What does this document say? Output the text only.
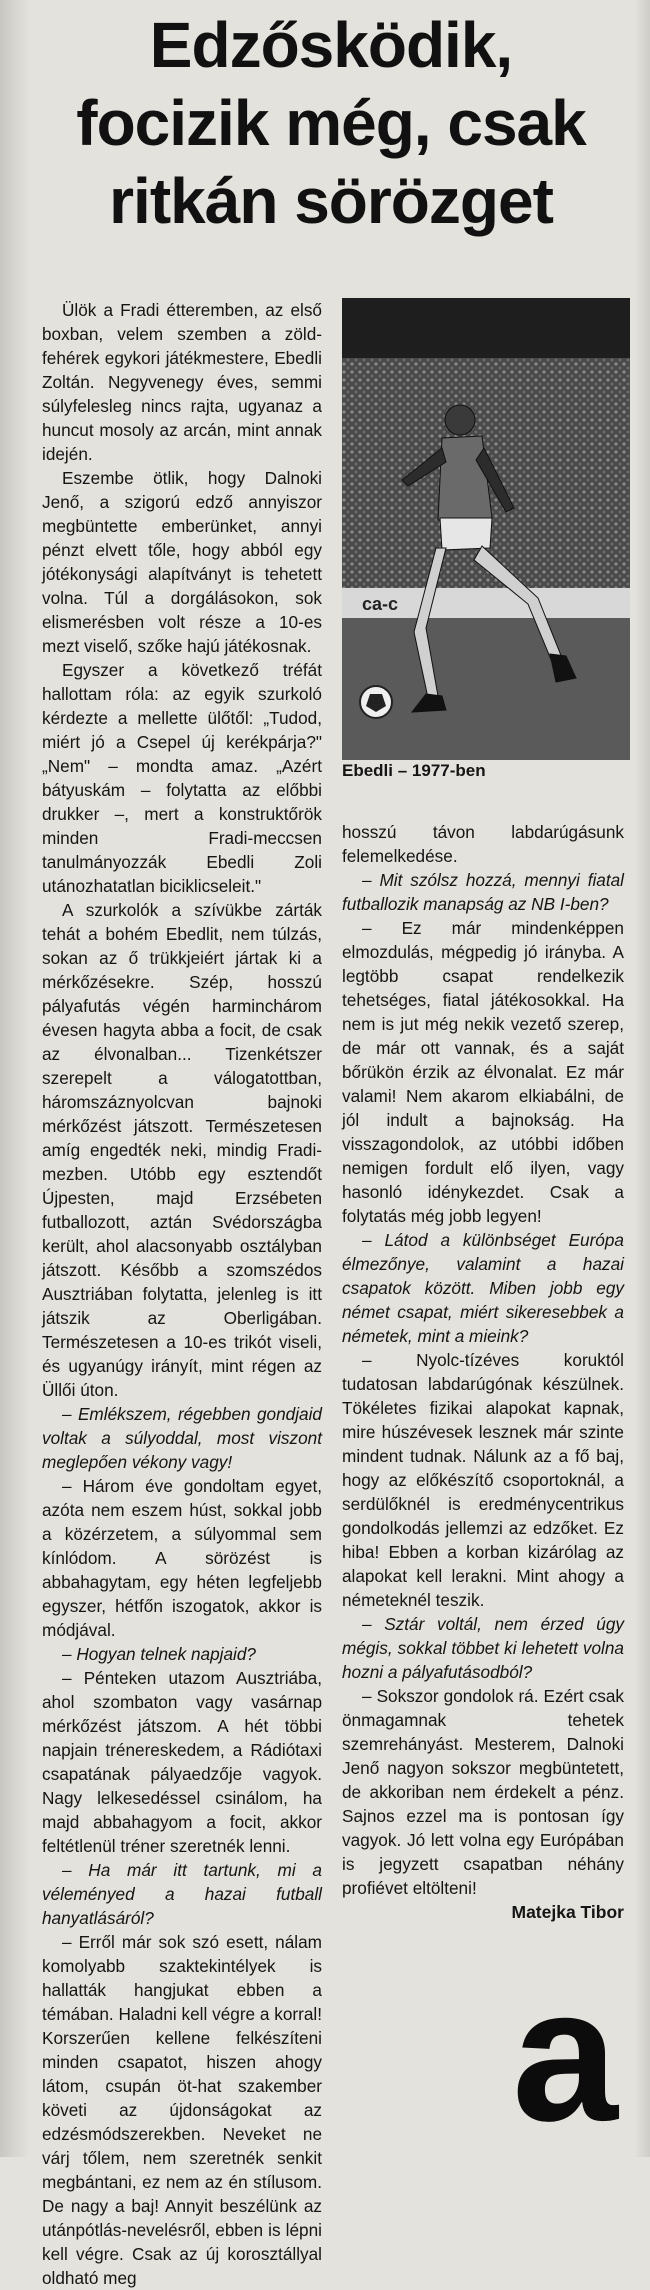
Edzősködik,
focizik még, csak
ritkán sörözget

Ülök a Fradi étteremben, az első boxban, velem szemben a zöld-fehérek egykori játékmestere, Ebedli Zoltán. Negyvenegy éves, semmi súlyfelesleg nincs rajta, ugyanaz a huncut mosoly az arcán, mint annak idején.

Eszembe ötlik, hogy Dalnoki Jenő, a szigorú edző annyiszor megbüntette emberünket, annyi pénzt elvett tőle, hogy abból egy jótékonysági alapítványt is tehetett volna. Túl a dorgálásokon, sok elismerésben volt része a 10-es mezt viselő, szőke hajú játékosnak.

Egyszer a következő tréfát hallottam róla: az egyik szurkoló kérdezte a mellette ülőtől: „Tudod, miért jó a Csepel új kerékpárja?" „Nem" – mondta amaz. „Azért bátyuskám – folytatta az előbbi drukker –, mert a konstruktőrök minden Fradi-meccsen tanulmányozzák Ebedli Zoli utánozhatatlan biciklicseleit."

A szurkolók a szívükbe zárták tehát a bohém Ebedlit, nem túlzás, sokan az ő trükkjeiért jártak ki a mérkőzésekre. Szép, hosszú pályafutás végén harminchárom évesen hagyta abba a focit, de csak az élvonalban... Tizenkétszer szerepelt a válogatottban, háromszáznyolcvan bajnoki mérkőzést játszott. Természetesen amíg engedték neki, mindig Fradi-mezben. Utóbb egy esztendőt Újpesten, majd Erzsébeten futballozott, aztán Svédországba került, ahol alacsonyabb osztályban játszott. Később a szomszédos Ausztriában folytatta, jelenleg is itt játszik az Oberligában. Természetesen a 10-es trikót viseli, és ugyanúgy irányít, mint régen az Üllői úton.

– Emlékszem, régebben gondjaid voltak a súlyoddal, most viszont meglepően vékony vagy!

– Három éve gondoltam egyet, azóta nem eszem húst, sokkal jobb a közérzetem, a súlyommal sem kínlódom. A sörözést is abbahagytam, egy héten legfeljebb egyszer, hétfőn iszogatok, akkor is módjával.

– Hogyan telnek napjaid?

– Pénteken utazom Ausztriába, ahol szombaton vagy vasárnap mérkőzést játszom. A hét többi napjain trénereskedem, a Rádiótaxi csapatának pályaedzője vagyok. Nagy lelkesedéssel csinálom, ha majd abbahagyom a focit, akkor feltétlenül tréner szeretnék lenni.

– Ha már itt tartunk, mi a véleményed a hazai futball hanyatlásáról?

– Erről már sok szó esett, nálam komolyabb szaktekintélyek is hallatták hangjukat ebben a témában. Haladni kell végre a korral! Korszerűen kellene felkészíteni minden csapatot, hiszen ahogy látom, csupán öt-hat szakember követi az újdonságokat az edzésmódszerekben. Neveket ne várj tőlem, nem szeretnék senkit megbántani, ez nem az én stílusom. De nagy a baj! Annyit beszélünk az utánpótlás-nevelésről, ebben is lépni kell végre. Csak az új korosztállyal oldható meg

ca-c

Ebedli – 1977-ben

hosszú távon labdarúgásunk felemelkedése.

– Mit szólsz hozzá, mennyi fiatal futballozik manapság az NB I-ben?

– Ez már mindenképpen elmozdulás, mégpedig jó irányba. A legtöbb csapat rendelkezik tehetséges, fiatal játékosokkal. Ha nem is jut még nekik vezető szerep, de már ott vannak, és a saját bőrükön érzik az élvonalat. Ez már valami! Nem akarom elkiabálni, de jól indult a bajnokság. Ha visszagondolok, az utóbbi időben nemigen fordult elő ilyen, vagy hasonló idénykezdet. Csak a folytatás még jobb legyen!

– Látod a különbséget Európa élmezőnye, valamint a hazai csapatok között. Miben jobb egy német csapat, miért sikeresebbek a németek, mint a mieink?

– Nyolc-tízéves koruktól tudatosan labdarúgónak készülnek. Tökéletes fizikai alapokat kapnak, mire húszévesek lesznek már szinte mindent tudnak. Nálunk az a fő baj, hogy az előkészítő csoportoknál, a serdülőknél is eredménycentrikus gondolkodás jellemzi az edzőket. Ez hiba! Ebben a korban kizárólag az alapokat kell lerakni. Mint ahogy a németeknél teszik.

– Sztár voltál, nem érzed úgy mégis, sokkal többet ki lehetett volna hozni a pályafutásodból?

– Sokszor gondolok rá. Ezért csak önmagamnak tehetek szemrehányást. Mesterem, Dalnoki Jenő nagyon sokszor megbüntetett, de akkoriban nem érdekelt a pénz. Sajnos ezzel ma is pontosan így vagyok. Jó lett volna egy Európában is jegyzett csapatban néhány profiévet eltölteni!

Matejka Tibor

a
